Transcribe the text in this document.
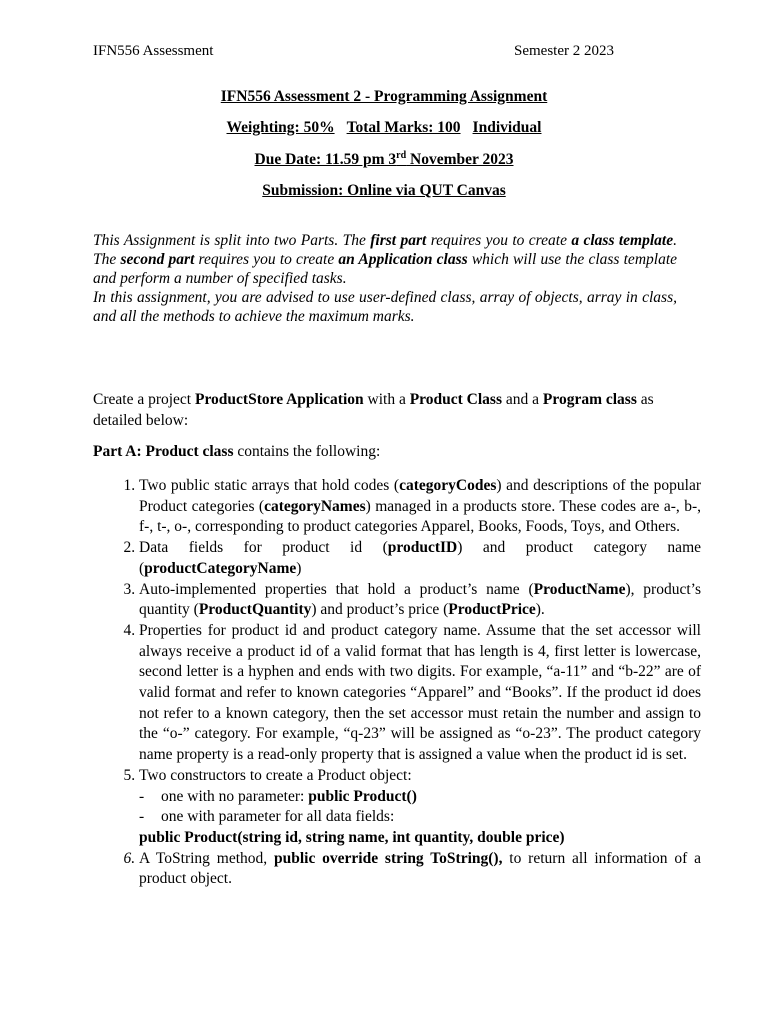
IFN556 Assessment	Semester 2 2023
IFN556 Assessment 2 - Programming Assignment
Weighting: 50% Total Marks: 100 Individual
Due Date: 11.59 pm 3rd November 2023
Submission: Online via QUT Canvas

This Assignment is split into two Parts. The first part requires you to create a class template. The second part requires you to create an Application class which will use the class template and perform a number of specified tasks.

In this assignment, you are advised to use user-defined class, array of objects, array in class, and all the methods to achieve the maximum marks.

Create a project ProductStore Application with a Product Class and a Program class as detailed below:
Part A: Product class contains the following:
1. Two public static arrays that hold codes (categoryCodes) and descriptions of the popular Product categories (categoryNames) managed in a products store. These codes are a-, b-, f-, t-, o-, corresponding to product categories Apparel, Books, Foods, Toys, and Others.
2. Data fields for product id (productID) and product category name (productCategoryName)
3. Auto-implemented properties that hold a product’s name (ProductName), product’s quantity (ProductQuantity) and product’s price (ProductPrice).
4. Properties for product id and product category name. Assume that the set accessor will always receive a product id of a valid format that has length is 4, first letter is lowercase, second letter is a hyphen and ends with two digits. For example, “a-11” and “b-22” are of valid format and refer to known categories “Apparel” and “Books”. If the product id does not refer to a known category, then the set accessor must retain the number and assign to the “o-” category. For example, “q-23” will be assigned as “o-23”. The product category name property is a read-only property that is assigned a value when the product id is set.
5. Two constructors to create a Product object:
- one with no parameter: public Product()
- one with parameter for all data fields:
public Product(string id, string name, int quantity, double price)
6. A ToString method, public override string ToString(), to return all information of a product object.
